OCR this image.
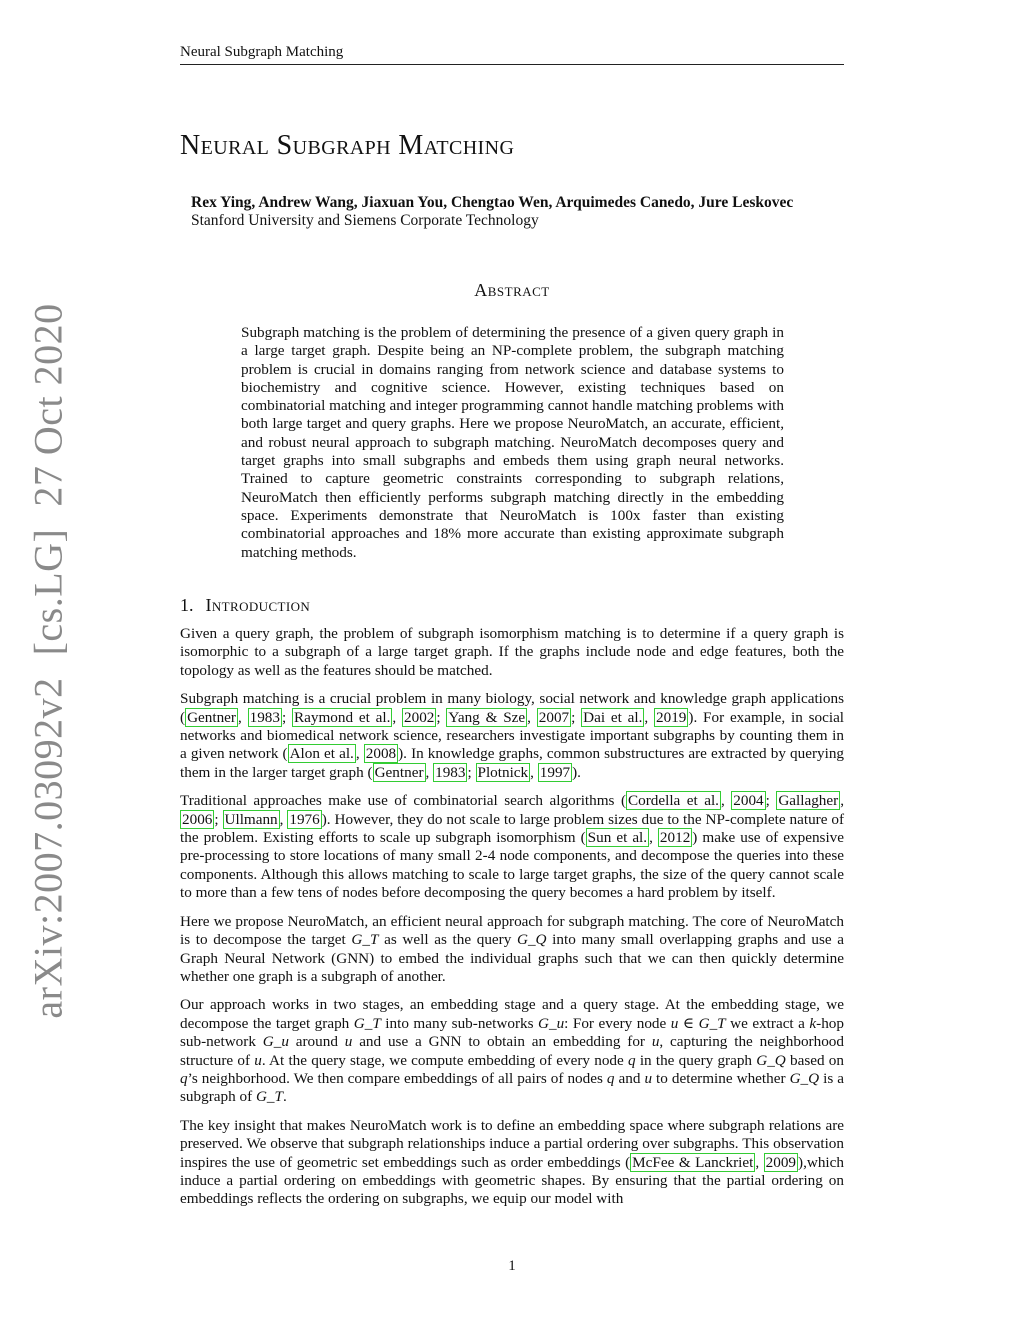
Neural Subgraph Matching
arXiv:2007.03092v2[cs.LG]27 Oct 2020
Neural Subgraph Matching
Rex Ying, Andrew Wang, Jiaxuan You, Chengtao Wen, Arquimedes Canedo, Jure Leskovec
Stanford University and Siemens Corporate Technology
Abstract

Subgraph matching is the problem of determining the presence of a given query graph in a large target graph. Despite being an NP-complete problem, the subgraph matching problem is crucial in domains ranging from network science and database systems to biochemistry and cognitive science. However, existing techniques based on combinatorial matching and integer programming cannot handle matching problems with both large target and query graphs. Here we propose NeuroMatch, an accurate, efficient, and robust neural approach to subgraph matching. NeuroMatch decomposes query and target graphs into small subgraphs and embeds them using graph neural networks. Trained to capture geometric constraints corresponding to subgraph relations, NeuroMatch then efficiently performs subgraph matching directly in the embedding space. Experiments demonstrate that NeuroMatch is 100x faster than existing combinatorial approaches and 18% more accurate than existing approximate subgraph matching methods.

1. Introduction

Given a query graph, the problem of subgraph isomorphism matching is to determine if a query graph is isomorphic to a subgraph of a large target graph. If the graphs include node and edge features, both the topology as well as the features should be matched.

Subgraph matching is a crucial problem in many biology, social network and knowledge graph applications ( Gentner , 1983 ; Raymond et al. , 2002 ; Yang & Sze , 2007 ; Dai et al. , 2019 ). For example, in social networks and biomedical network science, researchers investigate important subgraphs by counting them in a given network ( Alon et al. , 2008 ). In knowledge graphs, common substructures are extracted by querying them in the larger target graph ( Gentner , 1983 ; Plotnick , 1997 ).

Traditional approaches make use of combinatorial search algorithms ( Cordella et al. , 2004 ; Gallagher , 2006 ; Ullmann , 1976 ). However, they do not scale to large problem sizes due to the NP-complete nature of the problem. Existing efforts to scale up subgraph isomorphism ( Sun et al. , 2012 ) make use of expensive pre-processing to store locations of many small 2-4 node components, and decompose the queries into these components. Although this allows matching to scale to large target graphs, the size of the query cannot scale to more than a few tens of nodes before decomposing the query becomes a hard problem by itself.

Here we propose NeuroMatch, an efficient neural approach for subgraph matching. The core of NeuroMatch is to decompose the target G_T as well as the query G_Q into many small overlapping graphs and use a Graph Neural Network (GNN) to embed the individual graphs such that we can then quickly determine whether one graph is a subgraph of another.

Our approach works in two stages, an embedding stage and a query stage. At the embedding stage, we decompose the target graph G_T into many sub-networks G_u: For every node u ∈ G_T we extract a k-hop sub-network G_u around u and use a GNN to obtain an embedding for u, capturing the neighborhood structure of u. At the query stage, we compute embedding of every node q in the query graph G_Q based on q’s neighborhood. We then compare embeddings of all pairs of nodes q and u to determine whether G_Q is a subgraph of G_T.

The key insight that makes NeuroMatch work is to define an embedding space where subgraph relations are preserved. We observe that subgraph relationships induce a partial ordering over subgraphs. This observation inspires the use of geometric set embeddings such as order embeddings ( McFee & Lanckriet , 2009 ),which induce a partial ordering on embeddings with geometric shapes. By ensuring that the partial ordering on embeddings reflects the ordering on subgraphs, we equip our model with

1
